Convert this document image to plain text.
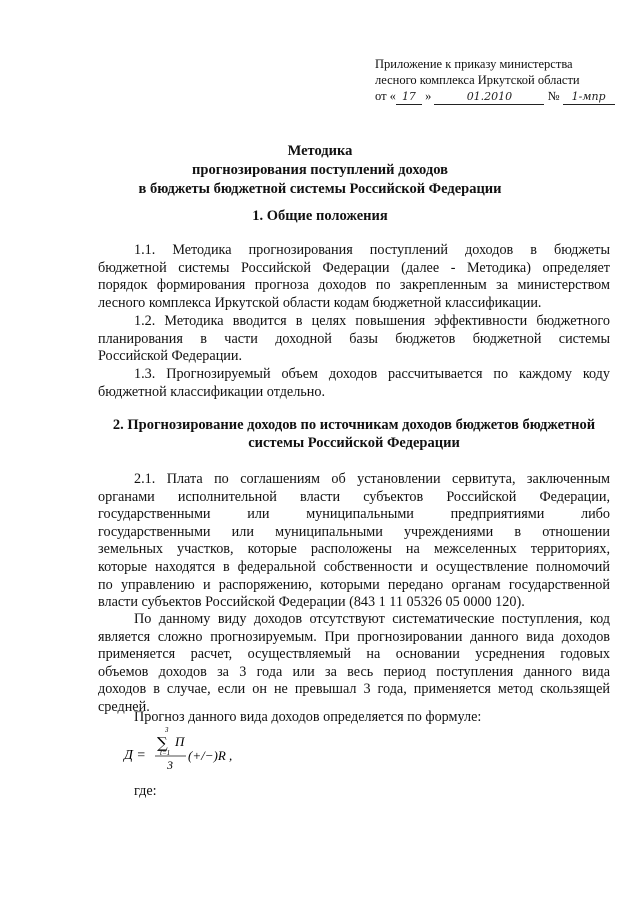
Приложение к приказу министерства
лесного комплекса Иркутской области
от « 17 »	01.2010	№ 1-мпр
Методика
прогнозирования поступлений доходов
в бюджеты бюджетной системы Российской Федерации
1. Общие положения
1.1. Методика прогнозирования поступлений доходов в бюджеты
бюджетной системы Российской Федерации (далее - Методика) определяет
порядок формирования прогноза доходов по закрепленным за министерством
лесного комплекса Иркутской области кодам бюджетной классификации.
1.2. Методика вводится в целях повышения эффективности бюджетного
планирования в части доходной базы бюджетов бюджетной системы
Российской Федерации.
1.3. Прогнозируемый объем доходов рассчитывается по каждому коду
бюджетной классификации отдельно.
2. Прогнозирование доходов по источникам доходов бюджетов бюджетной
системы Российской Федерации
2.1. Плата по соглашениям об установлении сервитута, заключенным
органами исполнительной власти субъектов Российской Федерации,
государственными или муниципальными предприятиями либо
государственными или муниципальными учреждениями в отношении
земельных участков, которые расположены на межселенных территориях,
которые находятся в федеральной собственности и осуществление полномочий
по управлению и распоряжению, которыми передано органам государственной
власти субъектов Российской Федерации (843 1 11 05326 05 0000 120).
По данному виду доходов отсутствуют систематические поступления, код
является сложно прогнозируемым. При прогнозировании данного вида доходов
применяется расчет, осуществляемый на основании усреднения годовых
объемов доходов за 3 года или за весь период поступления данного вида
доходов в случае, если он не превышал 3 года, применяется метод скользящей
средней.
Прогноз данного вида доходов определяется по формуле:
Д =
3
∑ П
t=1
3
(+/−)R ,
где:
